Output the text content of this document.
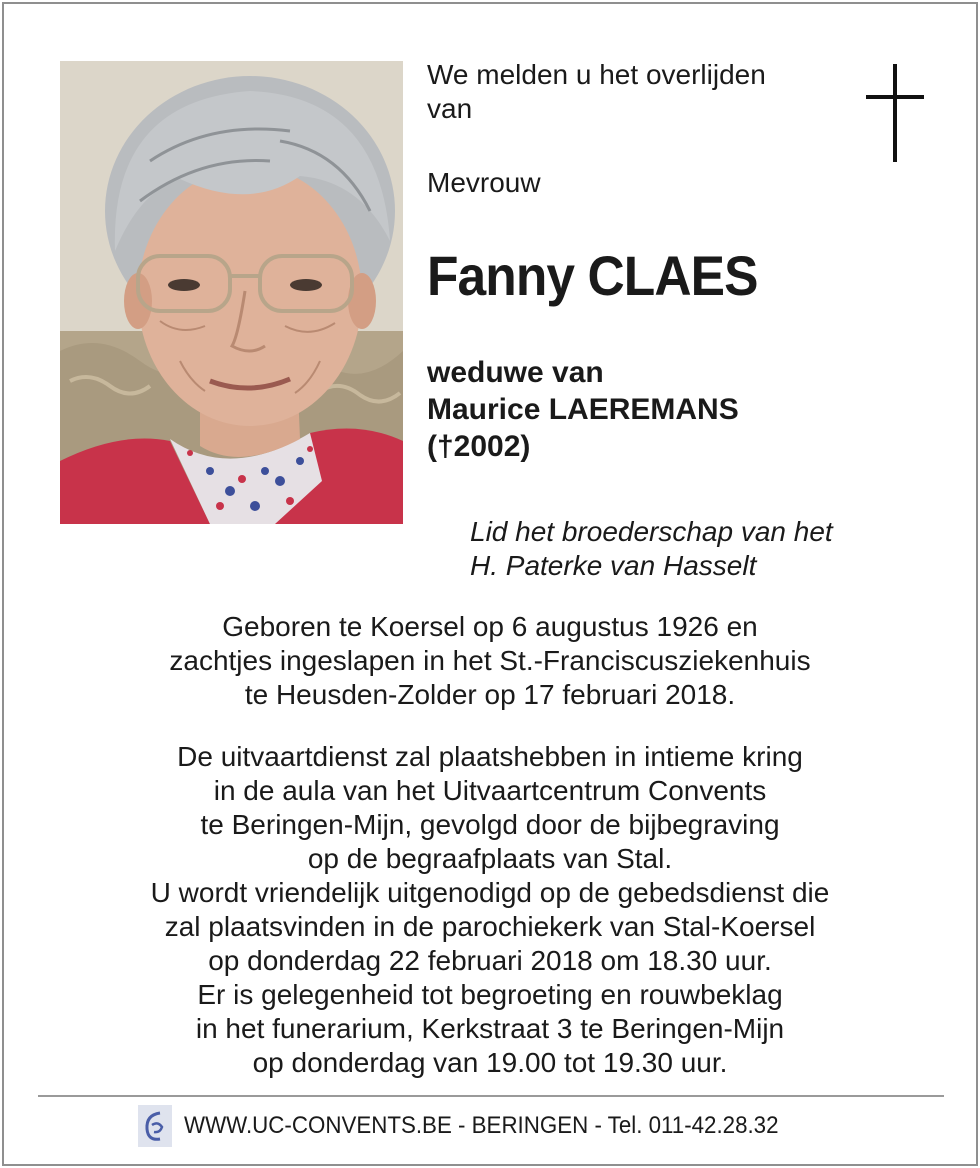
We melden u het overlijden
van
Mevrouw
Fanny CLAES
weduwe van
Maurice LAEREMANS
(†2002)
Lid het broederschap van het
H. Paterke van Hasselt
Geboren te Koersel op 6 augustus 1926 en
zachtjes ingeslapen in het St.-Franciscusziekenhuis
te Heusden-Zolder op 17 februari 2018.
De uitvaartdienst zal plaatshebben in intieme kring
in de aula van het Uitvaartcentrum Convents
te Beringen-Mijn, gevolgd door de bijbegraving
op de begraafplaats van Stal.
U wordt vriendelijk uitgenodigd op de gebedsdienst die
zal plaatsvinden in de parochiekerk van Stal-Koersel
op donderdag 22 februari 2018 om 18.30 uur.
Er is gelegenheid tot begroeting en rouwbeklag
in het funerarium, Kerkstraat 3 te Beringen-Mijn
op donderdag van 19.00 tot 19.30 uur.
WWW.UC-CONVENTS.BE - BERINGEN - Tel. 011-42.28.32
